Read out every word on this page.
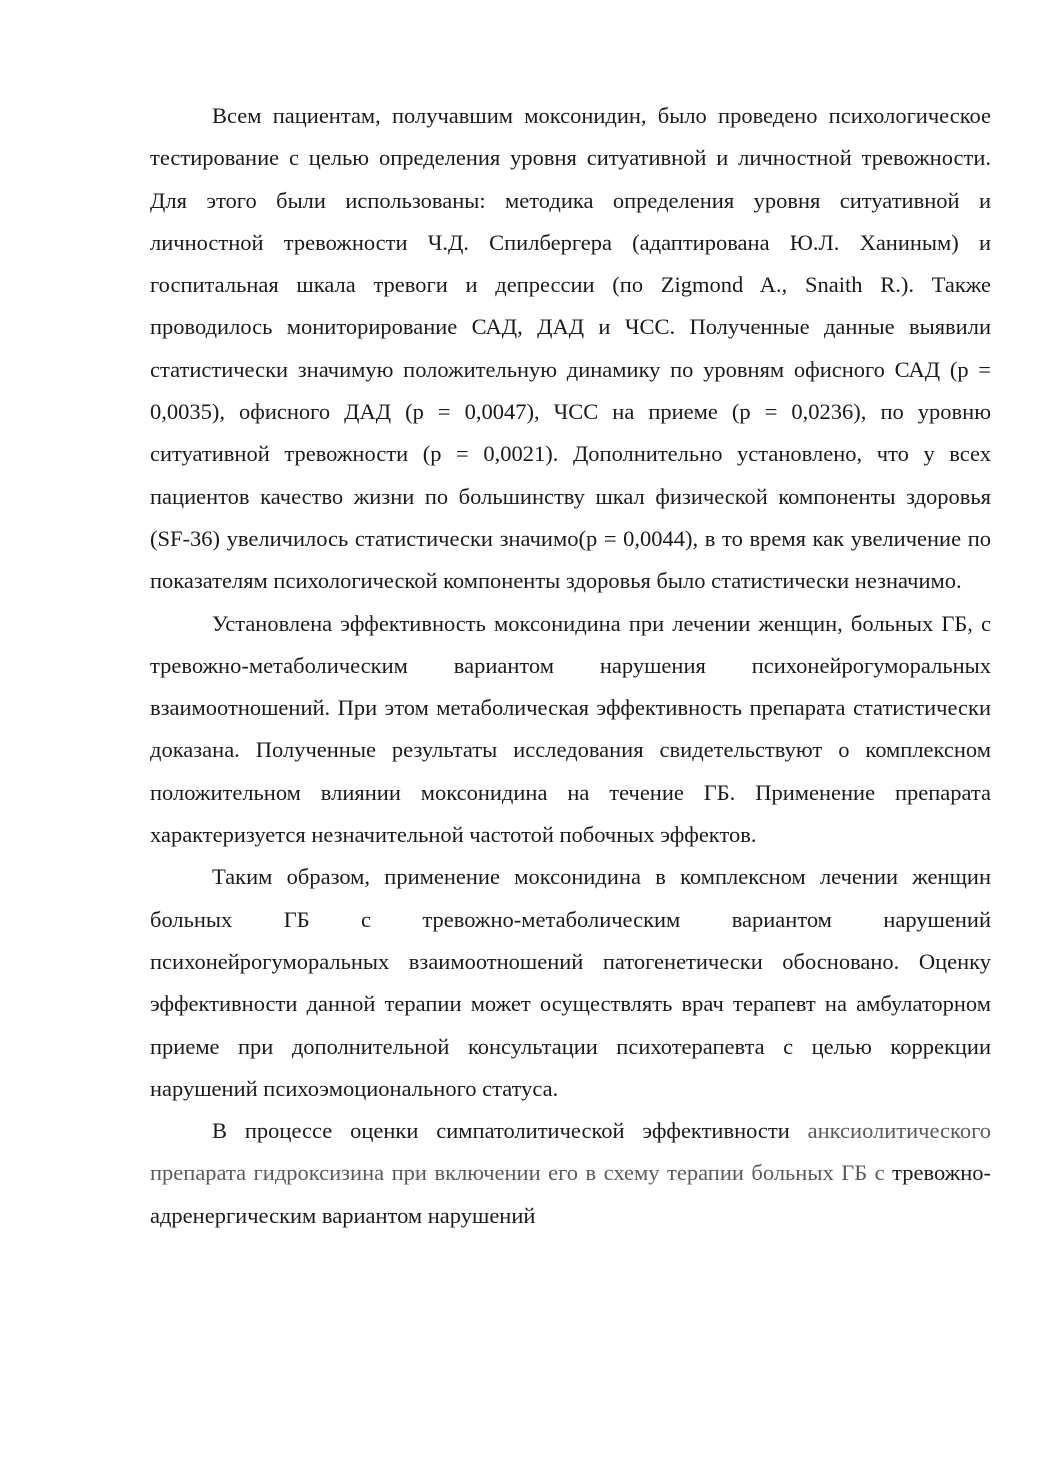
Всем пациентам, получавшим моксонидин, было проведено психологическое тестирование с целью определения уровня ситуативной и личностной тревожности. Для этого были использованы: методика определения уровня ситуативной и личностной тревожности Ч.Д. Спилбергера (адаптирована Ю.Л. Ханиным) и госпитальная шкала тревоги и депрессии (по Zigmond A., Snaith R.). Также проводилось мониторирование САД, ДАД и ЧСС. Полученные данные выявили статистически значимую положительную динамику по уровням офисного САД (р = 0,0035), офисного ДАД (р = 0,0047), ЧСС на приеме (р = 0,0236), по уровню ситуативной тревожности (р = 0,0021). Дополнительно установлено, что у всех пациентов качество жизни по большинству шкал физической компоненты здоровья (SF-36) увеличилось статистически значимо(р = 0,0044), в то время как увеличение по показателям психологической компоненты здоровья было статистически незначимо.

Установлена эффективность моксонидина при лечении женщин, больных ГБ, с тревожно-метаболическим вариантом нарушения психонейрогуморальных взаимоотношений. При этом метаболическая эффективность препарата статистически доказана. Полученные результаты исследования свидетельствуют о комплексном положительном влиянии моксонидина на течение ГБ. Применение препарата характеризуется незначительной частотой побочных эффектов.

Таким образом, применение моксонидина в комплексном лечении женщин больных ГБ с тревожно-метаболическим вариантом нарушений психонейрогуморальных взаимоотношений патогенетически обосновано. Оценку эффективности данной терапии может осуществлять врач терапевт на амбулаторном приеме при дополнительной консультации психотерапевта с целью коррекции нарушений психоэмоционального статуса.

В процессе оценки симпатолитической эффективности анксиолитического препарата гидроксизина при включении его в схему терапии больных ГБ с тревожно-адренергическим вариантом нарушений
